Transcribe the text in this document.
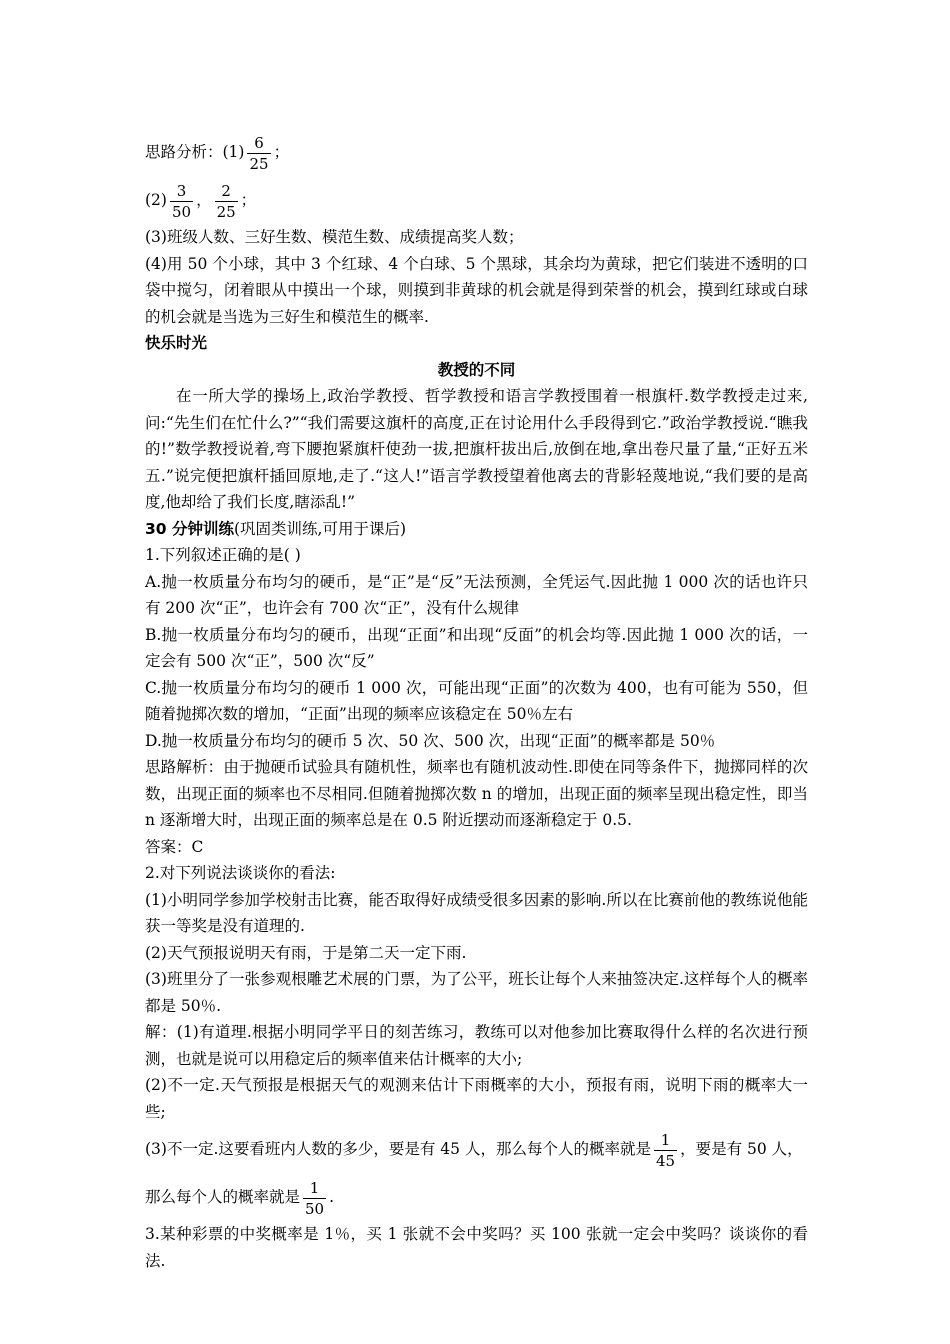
思路分析：$(1) \frac{6}{25}$ ；
$(2) \frac{3}{50}$ ， $\frac{2}{25}$ ；
(3)班级人数、三好生数、模范生数、成绩提高奖人数；
(4)用 50 个小球，其中 3 个红球、4 个白球、5 个黑球，其余均为黄球，把它们装进不透明的口袋中搅匀，闭着眼从中摸出一个球，则摸到非黄球的机会就是得到荣誉的机会，摸到红球或白球的机会就是当选为三好生和模范生的概率.
快乐时光
教授的不同
在一所大学的操场上,政治学教授、哲学教授和语言学教授围着一根旗杆.数学教授走过来,问:“先生们在忙什么?”“我们需要这旗杆的高度,正在讨论用什么手段得到它.”政治学教授说.“瞧我的!”数学教授说着,弯下腰抱紧旗杆使劲一拔,把旗杆拔出后,放倒在地,拿出卷尺量了量,“正好五米五.”说完便把旗杆插回原地,走了.“这人!”语言学教授望着他离去的背影轻蔑地说,“我们要的是高度,他却给了我们长度,瞎添乱!”
30 分钟训练(巩固类训练,可用于课后)
1.下列叙述正确的是( )
A.抛一枚质量分布均匀的硬币，是“正”是“反”无法预测，全凭运气.因此抛 1 000 次的话也许只有 200 次“正”，也许会有 700 次“正”，没有什么规律
B.抛一枚质量分布均匀的硬币，出现“正面”和出现“反面”的机会均等.因此抛 1 000 次的话，一定会有 500 次“正”，500 次“反”
C.抛一枚质量分布均匀的硬币 1 000 次，可能出现“正面”的次数为 400，也有可能为 550，但随着抛掷次数的增加，“正面”出现的频率应该稳定在 50％左右
D.抛一枚质量分布均匀的硬币 5 次、50 次、500 次，出现“正面”的概率都是 50％
思路解析：由于抛硬币试验具有随机性，频率也有随机波动性.即使在同等条件下，抛掷同样的次数，出现正面的频率也不尽相同.但随着抛掷次数 n 的增加，出现正面的频率呈现出稳定性，即当 n 逐渐增大时，出现正面的频率总是在 0.5 附近摆动而逐渐稳定于 0.5.
答案：C
2.对下列说法谈谈你的看法:
(1)小明同学参加学校射击比赛，能否取得好成绩受很多因素的影响.所以在比赛前他的教练说他能获一等奖是没有道理的.
(2)天气预报说明天有雨，于是第二天一定下雨.
(3)班里分了一张参观根雕艺术展的门票，为了公平，班长让每个人来抽签决定.这样每个人的概率都是 50％.
解：(1)有道理.根据小明同学平日的刻苦练习，教练可以对他参加比赛取得什么样的名次进行预测，也就是说可以用稳定后的频率值来估计概率的大小;
(2)不一定.天气预报是根据天气的观测来估计下雨概率的大小，预报有雨，说明下雨的概率大一些;
(3)不一定.这要看班内人数的多少，要是有 45 人，那么每个人的概率就是 $\frac{1}{45}$ ，要是有 50 人，
那么每个人的概率就是 $\frac{1}{50}$ .
3.某种彩票的中奖概率是 1％，买 1 张就不会中奖吗？买 100 张就一定会中奖吗？谈谈你的看法.
